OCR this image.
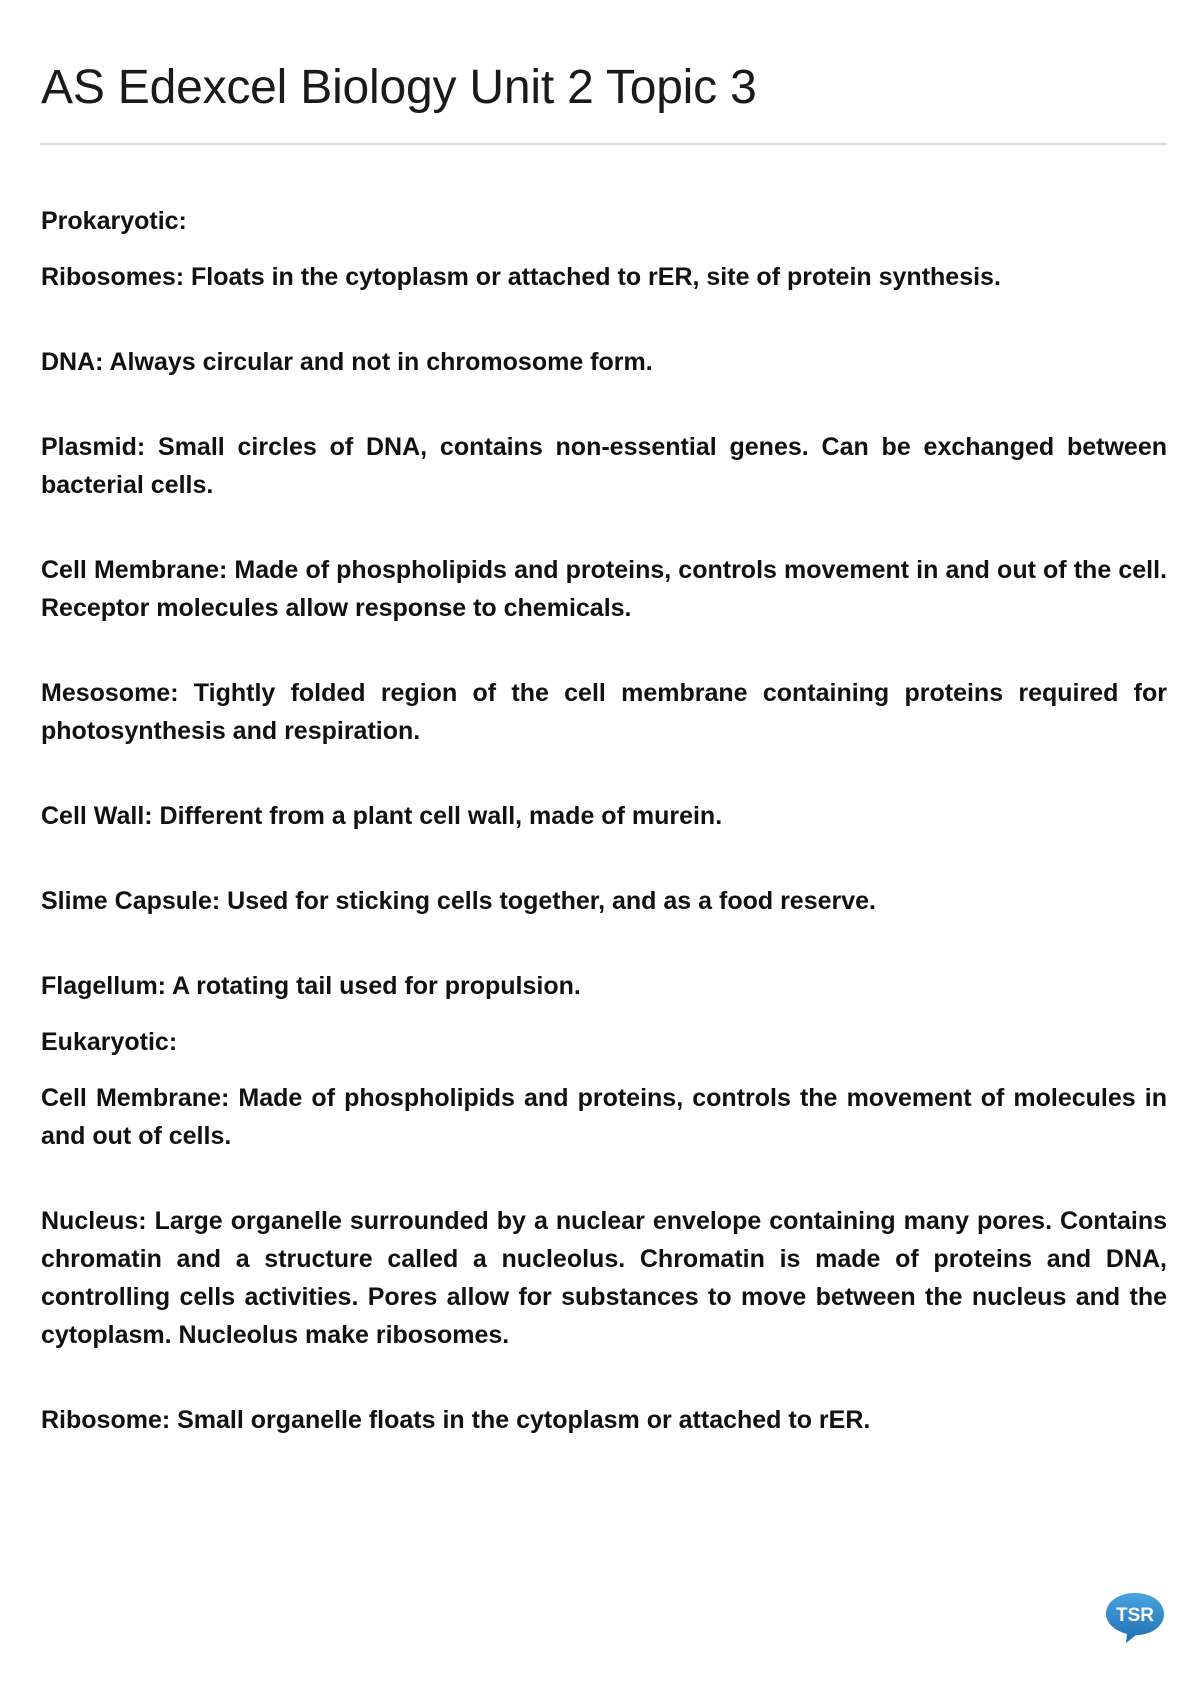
AS Edexcel Biology Unit 2 Topic 3

Prokaryotic:

Ribosomes: Floats in the cytoplasm or attached to rER, site of protein synthesis.

DNA: Always circular and not in chromosome form.

Plasmid: Small circles of DNA, contains non-essential genes. Can be exchanged between bacterial cells.

Cell Membrane: Made of phospholipids and proteins, controls movement in and out of the cell. Receptor molecules allow response to chemicals.

Mesosome: Tightly folded region of the cell membrane containing proteins required for photosynthesis and respiration.

Cell Wall: Different from a plant cell wall, made of murein.

Slime Capsule: Used for sticking cells together, and as a food reserve.

Flagellum: A rotating tail used for propulsion.

Eukaryotic:

Cell Membrane: Made of phospholipids and proteins, controls the movement of molecules in and out of cells.

Nucleus: Large organelle surrounded by a nuclear envelope containing many pores. Contains chromatin and a structure called a nucleolus. Chromatin is made of proteins and DNA, controlling cells activities. Pores allow for substances to move between the nucleus and the cytoplasm. Nucleolus make ribosomes.

Ribosome: Small organelle floats in the cytoplasm or attached to rER.

TSR
